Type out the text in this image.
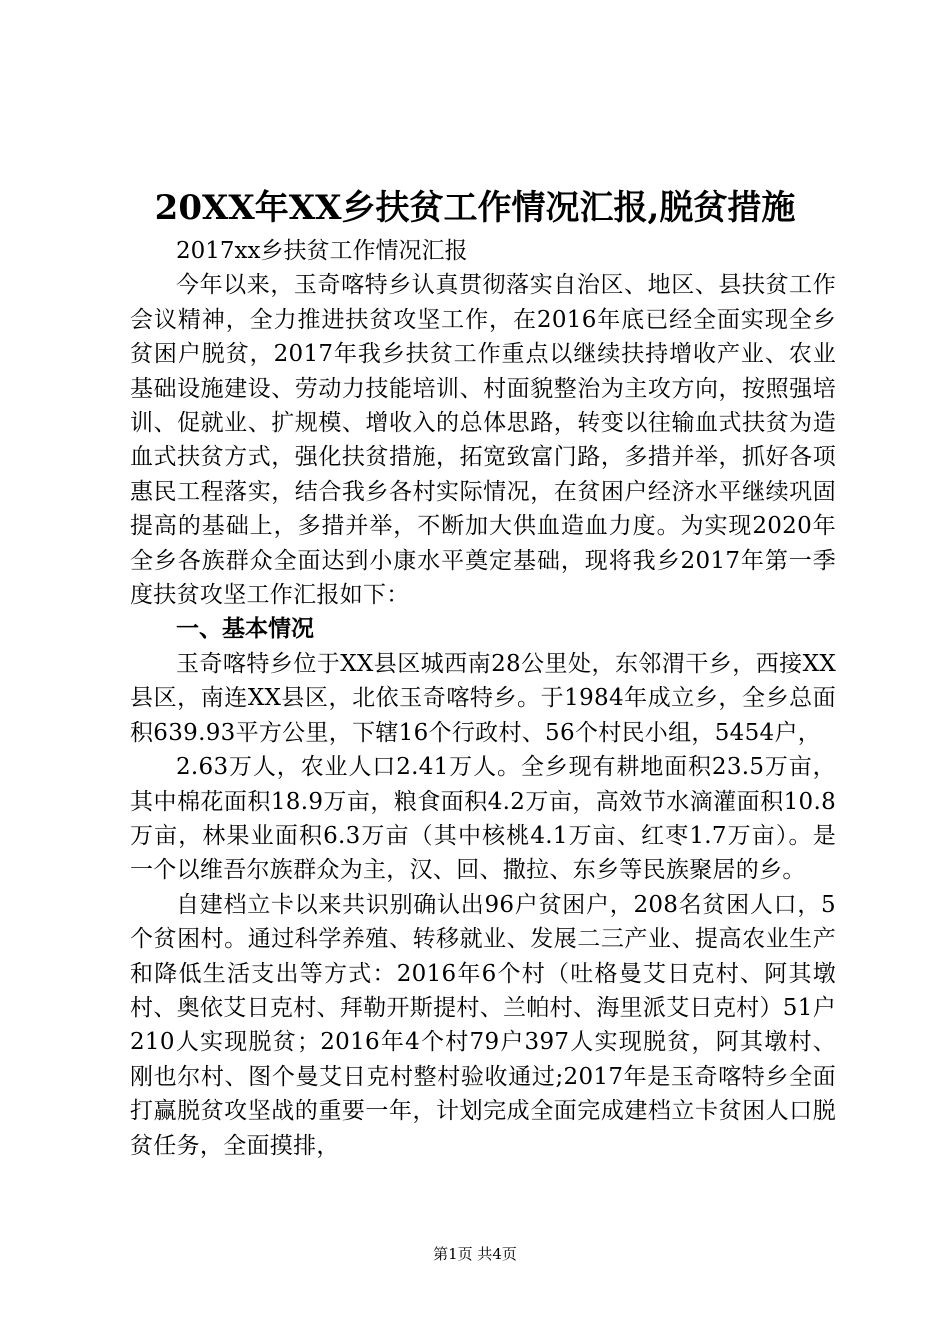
20XX年XX乡扶贫工作情况汇报,脱贫措施

2017xx乡扶贫工作情况汇报

今年以来，玉奇喀特乡认真贯彻落实自治区、地区、县扶贫工作会议精神，全力推进扶贫攻坚工作，在2016年底已经全面实现全乡贫困户脱贫，2017年我乡扶贫工作重点以继续扶持增收产业、农业基础设施建设、劳动力技能培训、村面貌整治为主攻方向，按照强培训、促就业、扩规模、增收入的总体思路，转变以往输血式扶贫为造血式扶贫方式，强化扶贫措施，拓宽致富门路，多措并举，抓好各项惠民工程落实，结合我乡各村实际情况，在贫困户经济水平继续巩固提高的基础上，多措并举，不断加大供血造血力度。为实现2020年全乡各族群众全面达到小康水平奠定基础，现将我乡2017年第一季度扶贫攻坚工作汇报如下：

一、基本情况

玉奇喀特乡位于XX县区城西南28公里处，东邻渭干乡，西接XX县区，南连XX县区，北依玉奇喀特乡。于1984年成立乡，全乡总面积639.93平方公里，下辖16个行政村、56个村民小组，5454户，

2.63万人，农业人口2.41万人。全乡现有耕地面积23.5万亩，其中棉花面积18.9万亩，粮食面积4.2万亩，高效节水滴灌面积10.8万亩，林果业面积6.3万亩（其中核桃4.1万亩、红枣1.7万亩）。是一个以维吾尔族群众为主，汉、回、撒拉、东乡等民族聚居的乡。

自建档立卡以来共识别确认出96户贫困户，208名贫困人口，5个贫困村。通过科学养殖、转移就业、发展二三产业、提高农业生产和降低生活支出等方式：2016年6个村（吐格曼艾日克村、阿其墩村、奥依艾日克村、拜勒开斯提村、兰帕村、海里派艾日克村）51户210人实现脱贫；2016年4个村79户397人实现脱贫，阿其墩村、刚也尔村、图个曼艾日克村整村验收通过;2017年是玉奇喀特乡全面打赢脱贫攻坚战的重要一年，计划完成全面完成建档立卡贫困人口脱贫任务，全面摸排，

第1页 共4页
